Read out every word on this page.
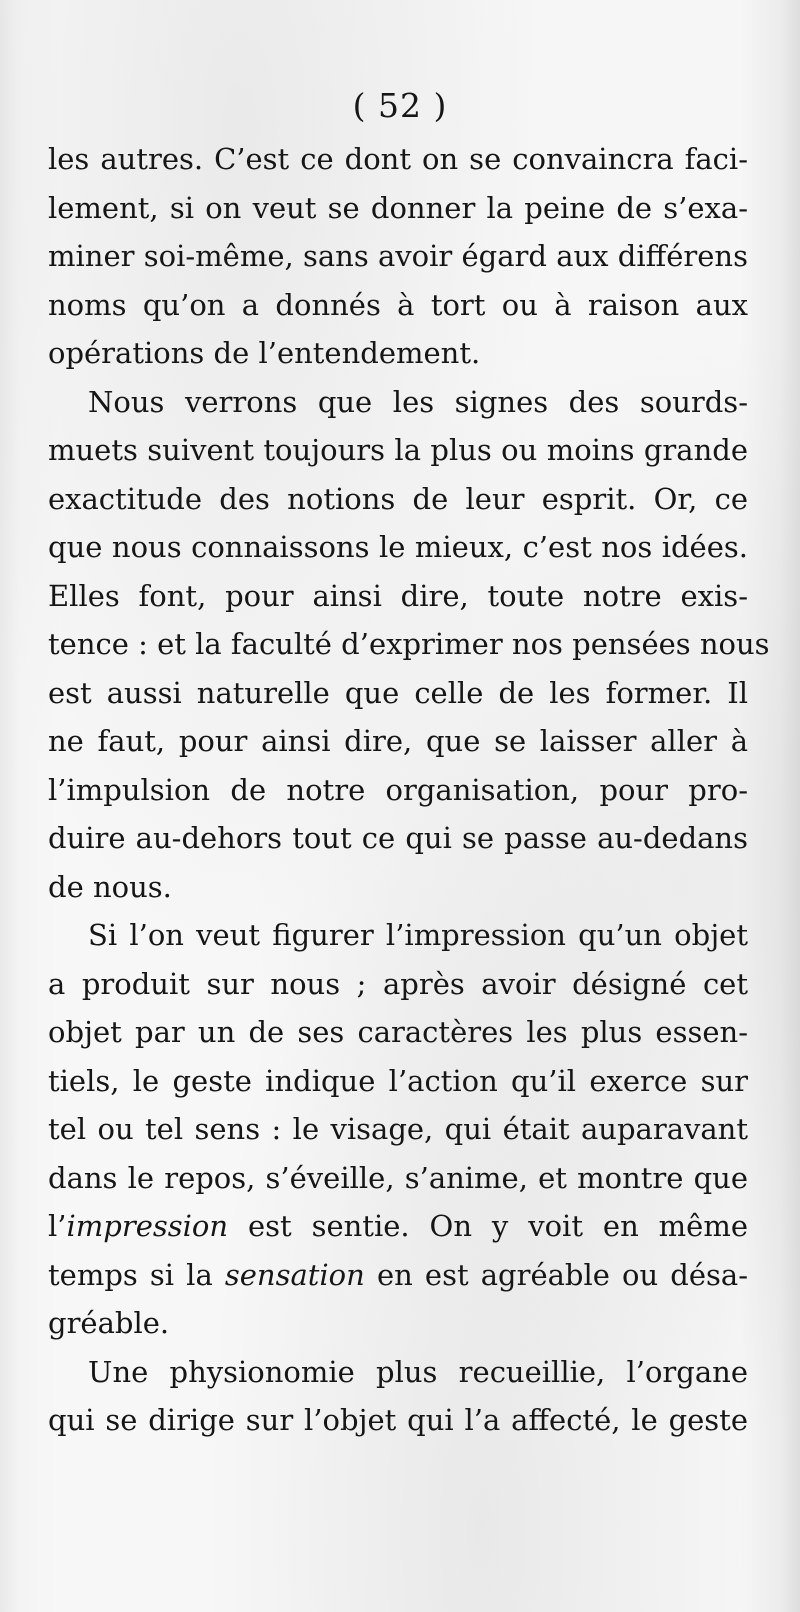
( 52 )
les autres. C’est ce dont on se convaincra faci-
lement, si on veut se donner la peine de s’exa-
miner soi-même, sans avoir égard aux différens
noms qu’on a donnés à tort ou à raison aux
opérations de l’entendement.
Nous verrons que les signes des sourds-
muets suivent toujours la plus ou moins grande
exactitude des notions de leur esprit. Or, ce
que nous connaissons le mieux, c’est nos idées.
Elles font, pour ainsi dire, toute notre exis-
tence : et la faculté d’exprimer nos pensées nous
est aussi naturelle que celle de les former. Il
ne faut, pour ainsi dire, que se laisser aller à
l’impulsion de notre organisation, pour pro-
duire au-dehors tout ce qui se passe au-dedans
de nous.
Si l’on veut figurer l’impression qu’un objet
a produit sur nous ; après avoir désigné cet
objet par un de ses caractères les plus essen-
tiels, le geste indique l’action qu’il exerce sur
tel ou tel sens : le visage, qui était auparavant
dans le repos, s’éveille, s’anime, et montre que
l’impression est sentie. On y voit en même
temps si la sensation en est agréable ou désa-
gréable.
Une physionomie plus recueillie, l’organe
qui se dirige sur l’objet qui l’a affecté, le geste
